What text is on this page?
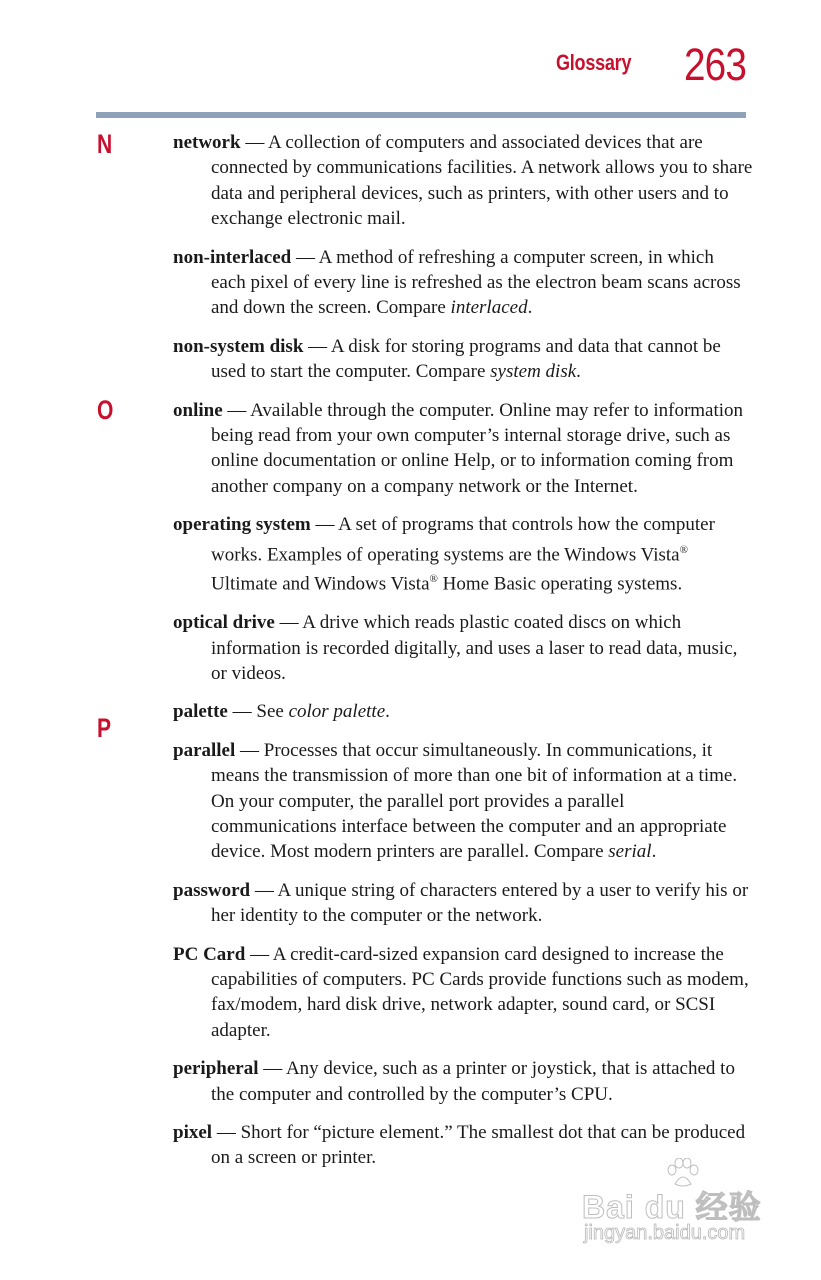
Glossary 263
N
O
P

network — A collection of computers and associated devices that are connected by communications facilities. A network allows you to share data and peripheral devices, such as printers, with other users and to exchange electronic mail.

non-interlaced — A method of refreshing a computer screen, in which each pixel of every line is refreshed as the electron beam scans across and down the screen. Compare interlaced.

non-system disk — A disk for storing programs and data that cannot be used to start the computer. Compare system disk.

online — Available through the computer. Online may refer to information being read from your own computer’s internal storage drive, such as online documentation or online Help, or to information coming from another company on a company network or the Internet.

operating system — A set of programs that controls how the computer works. Examples of operating systems are the Windows Vista® Ultimate and Windows Vista® Home Basic operating systems.

optical drive — A drive which reads plastic coated discs on which information is recorded digitally, and uses a laser to read data, music, or videos.

palette — See color palette.

parallel — Processes that occur simultaneously. In communications, it means the transmission of more than one bit of information at a time. On your computer, the parallel port provides a parallel communications interface between the computer and an appropriate device. Most modern printers are parallel. Compare serial.

password — A unique string of characters entered by a user to verify his or her identity to the computer or the network.

PC Card — A credit-card-sized expansion card designed to increase the capabilities of computers. PC Cards provide functions such as modem, fax/modem, hard disk drive, network adapter, sound card, or SCSI adapter.

peripheral — Any device, such as a printer or joystick, that is attached to the computer and controlled by the computer’s CPU.

pixel — Short for “picture element.” The smallest dot that can be produced on a screen or printer.

Bai du 经验
jingyan.baidu.com
